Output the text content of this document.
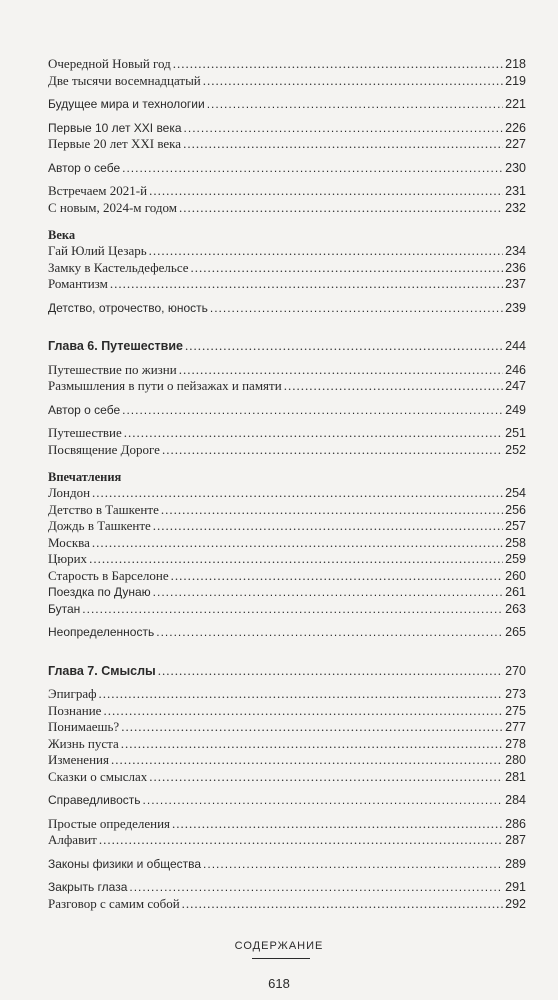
Очередной Новый год .....	218
Две тысячи восемнадцатый .....	219
Будущее мира и технологии .....	221
Первые 10 лет XXI века .....	226
Первые 20 лет XXI века .....	227
Автор о себе .....	230
Встречаем 2021-й .....	231
С новым, 2024-м годом .....	232
Века
Гай Юлий Цезарь .....	234
Замку в Кастельдефельсе .....	236
Романтизм .....	237
Детство, отрочество, юность .....	239
Глава 6. Путешествие .....	244
Путешествие по жизни .....	246
Размышления в пути о пейзажах и памяти .....	247
Автор о себе .....	249
Путешествие .....	251
Посвящение Дороге .....	252
Впечатления
Лондон .....	254
Детство в Ташкенте .....	256
Дождь в Ташкенте .....	257
Москва .....	258
Цюрих .....	259
Старость в Барселоне .....	260
Поездка по Дунаю .....	261
Бутан .....	263
Неопределенность .....	265
Глава 7. Смыслы .....	270
Эпиграф .....	273
Познание .....	275
Понимаешь? .....	277
Жизнь пуста .....	278
Изменения .....	280
Сказки о смыслах .....	281
Справедливость .....	284
Простые определения .....	286
Алфавит .....	287
Законы физики и общества .....	289
Закрыть глаза .....	291
Разговор с самим собой .....	292
СОДЕРЖАНИЕ
618
